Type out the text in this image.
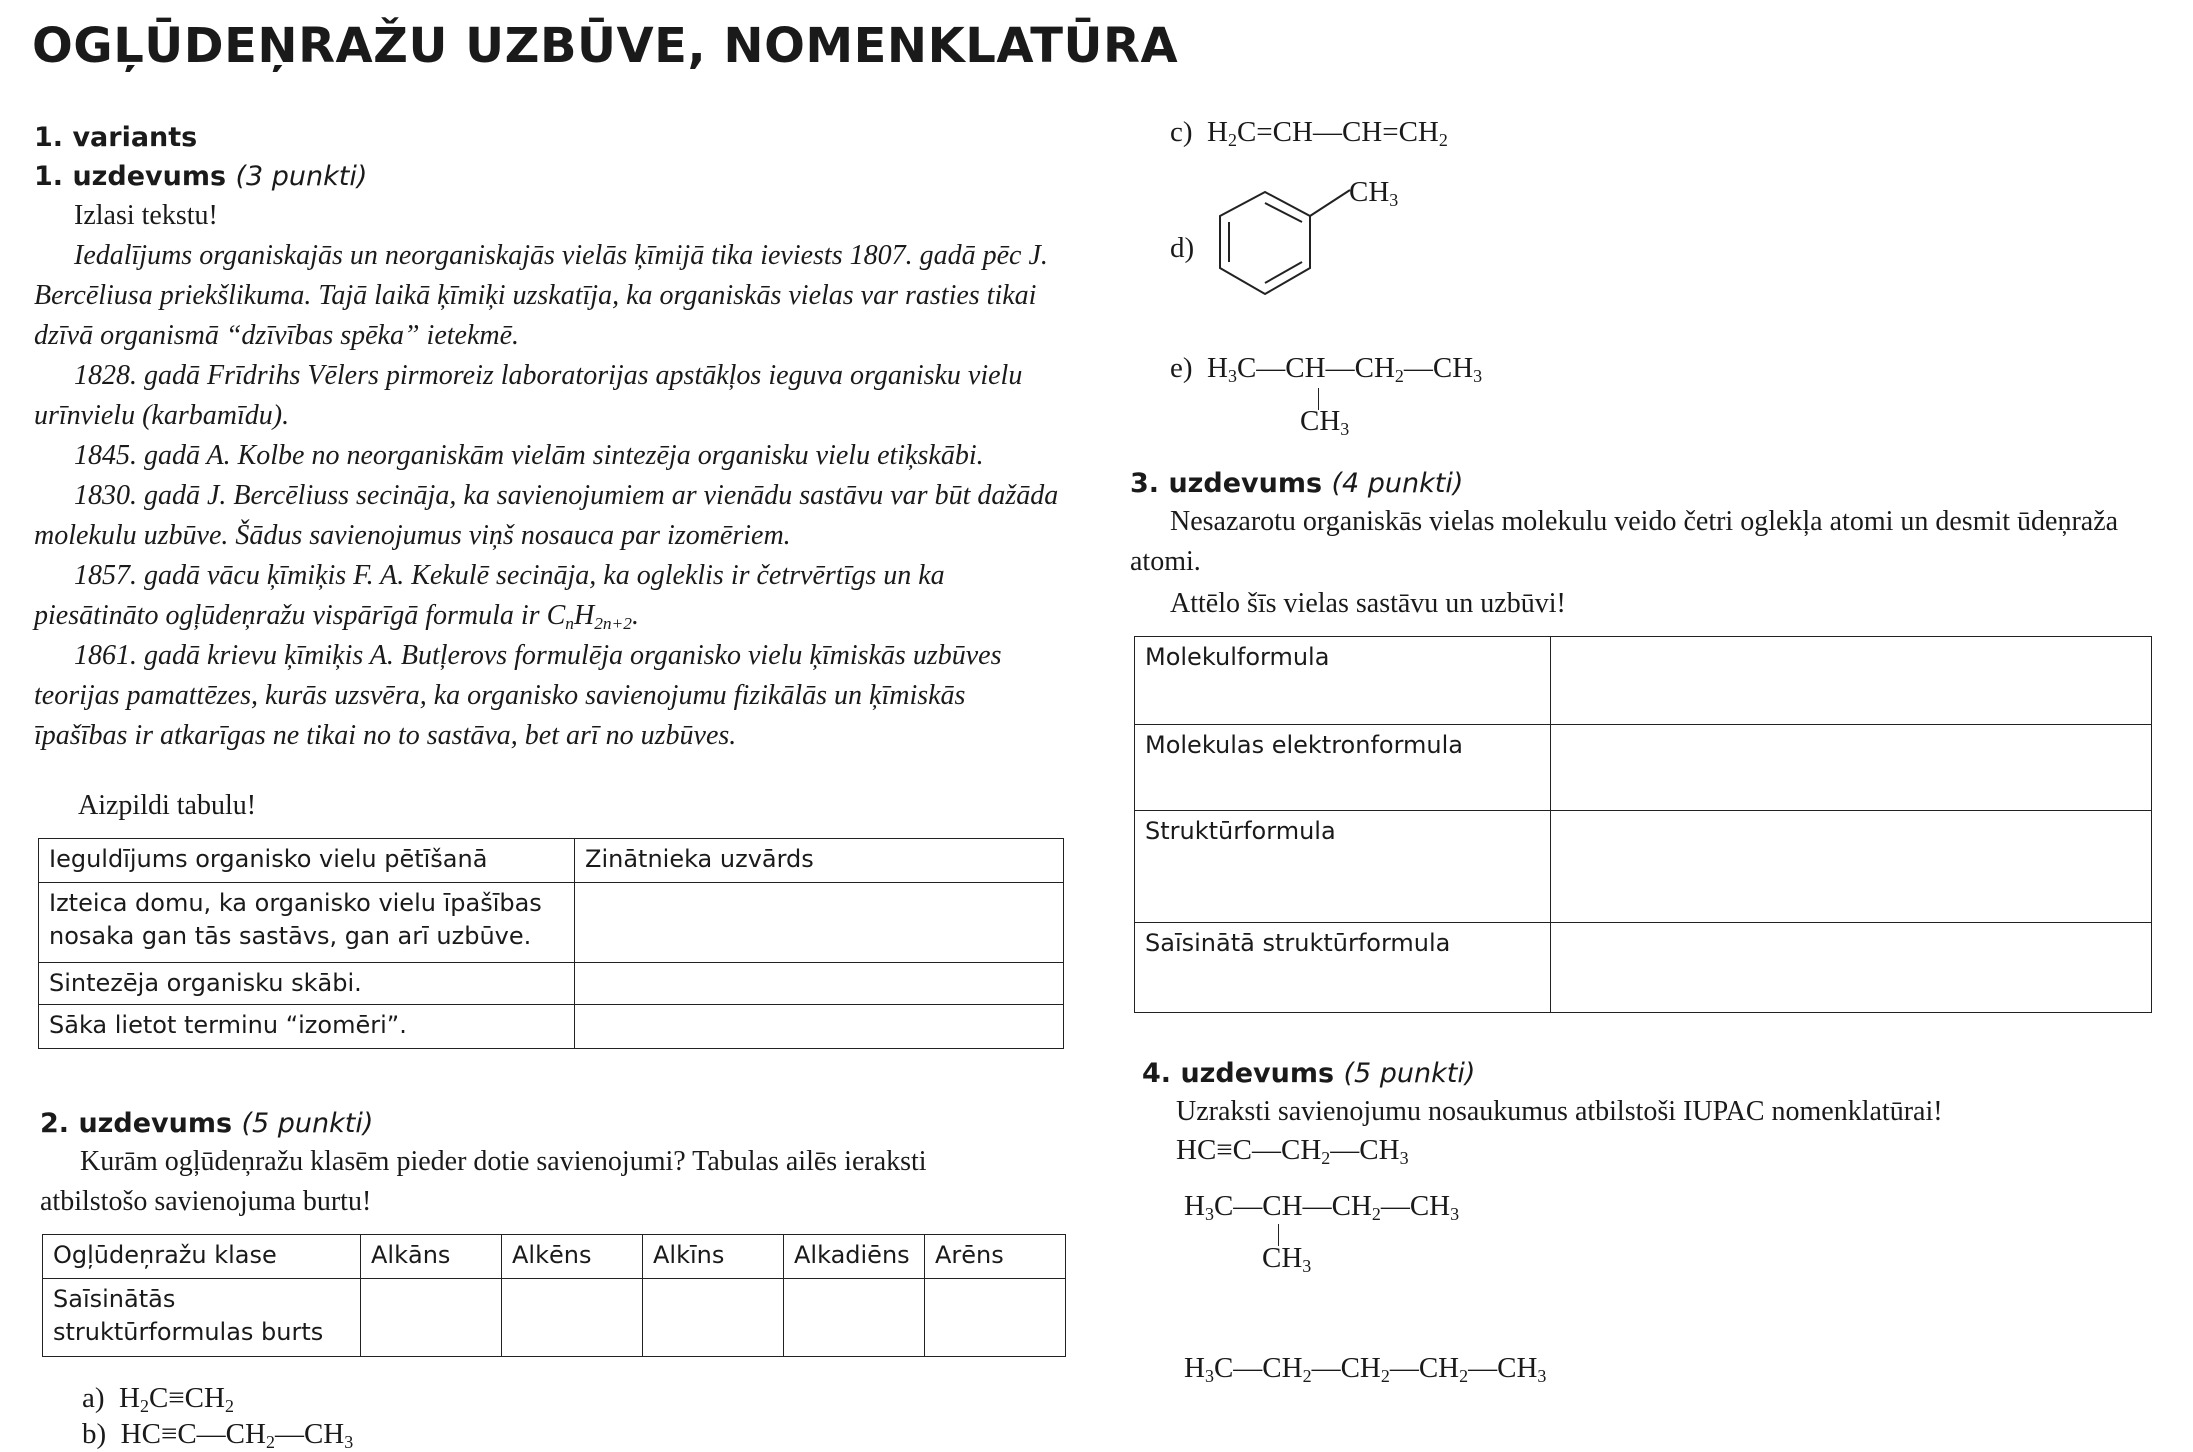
OGĻŪDEŅRAŽU UZBŪVE, NOMENKLATŪRA
1. variants
1. uzdevums (3 punkti)
Izlasi tekstu!
Iedalījums organiskajās un neorganiskajās vielās ķīmijā tika ieviests 1807. gadā pēc J. Bercēliusa priekšlikuma. Tajā laikā ķīmiķi uzskatīja, ka organiskās vielas var rasties tikai dzīvā organismā “dzīvības spēka” ietekmē.
1828. gadā Frīdrihs Vēlers pirmoreiz laboratorijas apstākļos ieguva organisku vielu urīnvielu (karbamīdu).
1845. gadā A. Kolbe no neorganiskām vielām sintezēja organisku vielu etiķskābi.
1830. gadā J. Bercēliuss secināja, ka savienojumiem ar vienādu sastāvu var būt dažāda molekulu uzbūve. Šādus savienojumus viņš nosauca par izomēriem.
1857. gadā vācu ķīmiķis F. A. Kekulē secināja, ka ogleklis ir četrvērtīgs un ka piesātināto ogļūdeņražu vispārīgā formula ir $C_nH_{2n+2}$.
1861. gadā krievu ķīmiķis A. Butļerovs formulēja organisko vielu ķīmiskās uzbūves teorijas pamattēzes, kurās uzsvēra, ka organisko savienojumu fizikālās un ķīmiskās īpašības ir atkarīgas ne tikai no to sastāva, bet arī no uzbūves.
Aizpildi tabulu!
Ieguldījums organisko vielu pētīšanā	Zinātnieka uzvārds
Izteica domu, ka organisko vielu īpašības nosaka gan tās sastāvs, gan arī uzbūve.	
Sintezēja organisku skābi.	
Sāka lietot terminu “izomēri”.	
2. uzdevums (5 punkti)
Kurām ogļūdeņražu klasēm pieder dotie savienojumi? Tabulas ailēs ieraksti atbilstošo savienojuma burtu!
Ogļūdeņražu klase	Alkāns	Alkēns	Alkīns	Alkadiēns	Arēns
Saīsinātās struktūrformulas burts					
a)  $H_2C\equiv CH_2$
b)  $HC\equiv C—CH_2—CH_3$
c)  $H_2C=CH—CH=CH_2$
d)
$CH_3$
e)  $H_3C—CH—CH_2—CH_3$
$CH_3$
3. uzdevums (4 punkti)
Nesazarotu organiskās vielas molekulu veido četri oglekļa atomi un desmit ūdeņraža atomi.
Attēlo šīs vielas sastāvu un uzbūvi!
Molekulformula	
Molekulas elektronformula	
Struktūrformula	
Saīsinātā struktūrformula	
4. uzdevums (5 punkti)
Uzraksti savienojumu nosaukumus atbilstoši IUPAC nomenklatūrai!
$HC\equiv C—CH_2—CH_3$
$H_3C—CH—CH_2—CH_3$
$CH_3$
$H_3C—CH_2—CH_2—CH_2—CH_3$
